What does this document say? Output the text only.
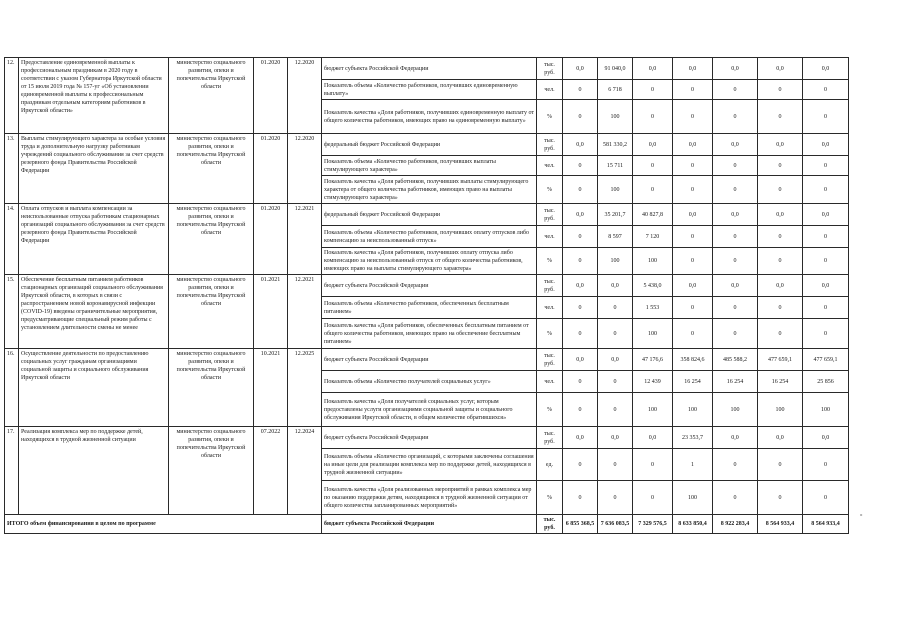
12.	Предоставление единовременной выплаты к профессиональным праздникам в 2020 году в соответствии с указом Губернатора Иркутской области от 15 июля 2019 года № 157-уг «Об установлении единовременной выплаты к профессиональным праздникам отдельным категориям работников в Иркутской области»	министерство социального развития, опеки и попечительства Иркутской области	01.2020	12.2020	бюджет субъекта Российской Федерации	тыс. руб.	0,0	91 040,0	0,0	0,0	0,0	0,0	0,0
					Показатель объема «Количество работников, получивших единовременную выплату»	чел.	0	6 718	0	0	0	0	0
					Показатель качества «Доля работников, получивших единовременную выплату от общего количества работников, имеющих право на единовременную выплату»	%	0	100	0	0	0	0	0
13.	Выплаты стимулирующего характера за особые условия труда и дополнительную нагрузку работникам учреждений социального обслуживания за счет средств резервного фонда Правительства Российской Федерации	министерство социального развития, опеки и попечительства Иркутской области	01.2020	12.2020	федеральный бюджет Российской Федерации	тыс. руб.	0,0	581 330,2	0,0	0,0	0,0	0,0	0,0
					Показатель объема «Количество работников, получивших выплаты стимулирующего характера»	чел.	0	15 711	0	0	0	0	0
					Показатель качества «Доля работников, получивших выплаты стимулирующего характера от общего количества работников, имеющих право на выплаты стимулирующего характера»	%	0	100	0	0	0	0	0
14.	Оплата отпусков и выплата компенсации за неиспользованные отпуска работникам стационарных организаций социального обслуживания за счет средств резервного фонда Правительства Российской Федерации	министерство социального развития, опеки и попечительства Иркутской области	01.2020	12.2021	федеральный бюджет Российской Федерации	тыс. руб.	0,0	35 201,7	40 827,8	0,0	0,0	0,0	0,0
					Показатель объема «Количество работников, получивших оплату отпусков либо компенсацию за неиспользованный отпуск»	чел.	0	8 597	7 120	0	0	0	0
					Показатель качества «Доля работников, получивших оплату отпуска либо компенсацию за неиспользованный отпуск от общего количества работников, имеющих право на выплаты стимулирующего характера»	%	0	100	100	0	0	0	0
15.	Обеспечение бесплатным питанием работников стационарных организаций социального обслуживания Иркутской области, в которых в связи с распространением новой коронавирусной инфекции (COVID-19) введены ограничительные мероприятия, предусматривающие специальный режим работы с установлением длительности смены не менее	министерство социального развития, опеки и попечительства Иркутской области	01.2021	12.2021	бюджет субъекта Российской Федерации	тыс. руб.	0,0	0,0	5 438,0	0,0	0,0	0,0	0,0
					Показатель объема «Количество работников, обеспеченных бесплатным питанием»	чел.	0	0	1 553	0	0	0	0
					Показатель качества «Доля работников, обеспеченных бесплатным питанием от общего количества работников, имеющих право на обеспечение бесплатным питанием»	%	0	0	100	0	0	0	0
16.	Осуществление деятельности по предоставлению социальных услуг гражданам организациями социальной защиты и социального обслуживания Иркутской области	министерство социального развития, опеки и попечительства Иркутской области	10.2021	12.2025	бюджет субъекта Российской Федерации	тыс. руб.	0,0	0,0	47 176,6	358 824,6	485 588,2	477 659,1	477 659,1
					Показатель объема «Количество получателей социальных услуг»	чел.	0	0	12 439	16 254	16 254	16 254	25 856
					Показатель качества «Доля получателей социальных услуг, которым предоставлены услуги организациями социальной защиты и социального обслуживания Иркутской области, в общем количестве обратившихся»	%	0	0	100	100	100	100	100
17.	Реализация комплекса мер по поддержке детей, находящихся в трудной жизненной ситуации	министерство социального развития, опеки и попечительства Иркутской области	07.2022	12.2024	бюджет субъекта Российской Федерации	тыс. руб.	0,0	0,0	0,0	23 353,7	0,0	0,0	0,0
					Показатель объема «Количество организаций, с которыми заключены соглашения на иные цели для реализации комплекса мер по поддержке детей, находящихся в трудной жизненной ситуации»	ед.	0	0	0	1	0	0	0
					Показатель качества «Доля реализованных мероприятий в рамках комплекса мер по оказанию поддержки детям, находящимся в трудной жизненной ситуации от общего количества запланированных мероприятий»	%	0	0	0	100	0	0	0
ИТОГО объем финансирования в целом по программе					бюджет субъекта Российской Федерации	тыс. руб.	6 855 368,5	7 636 083,5	7 329 576,5	8 633 850,4	8 922 283,4	8 564 933,4	8 564 933,4
»
